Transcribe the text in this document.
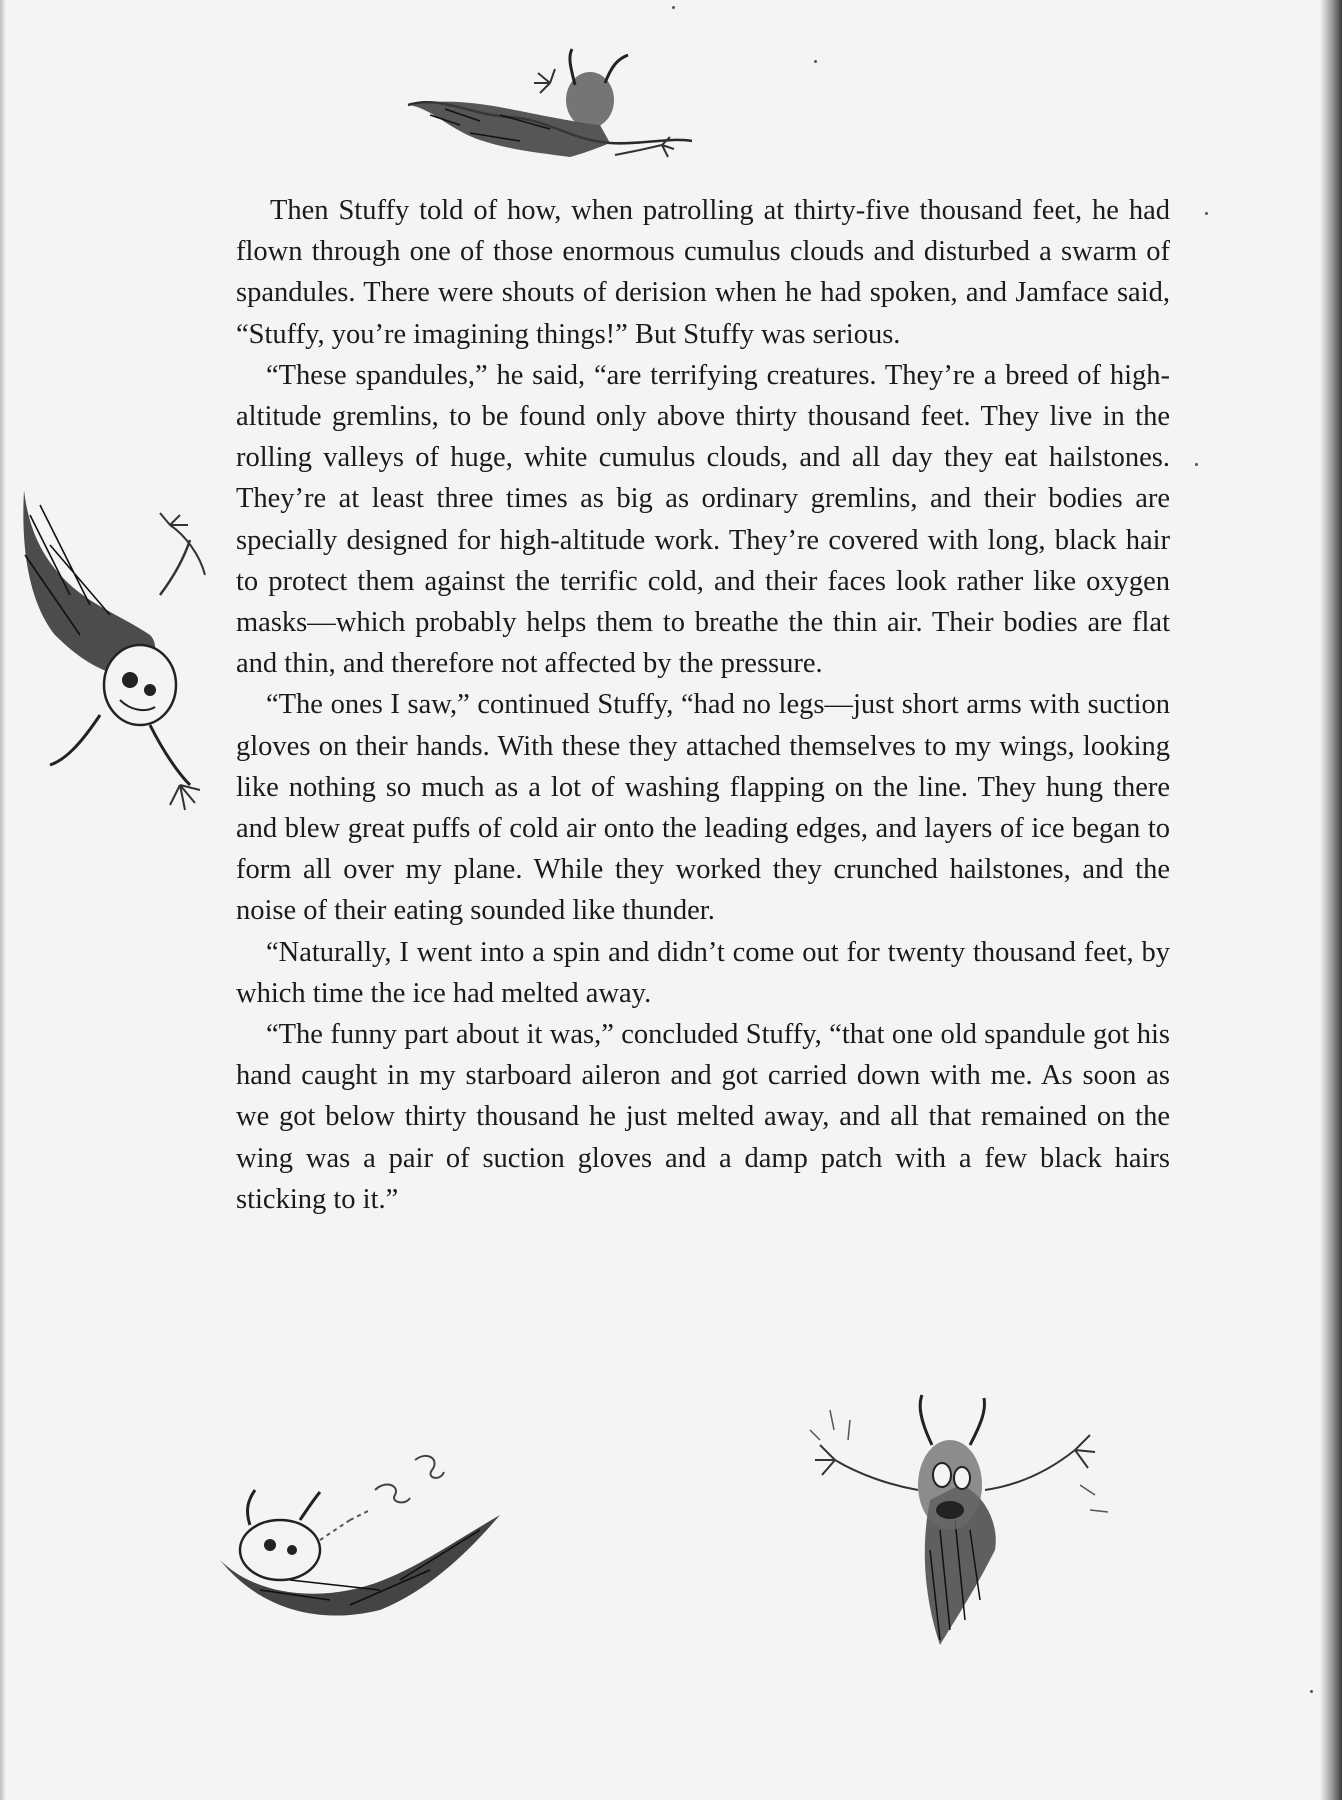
Then Stuffy told of how, when patrolling at thirty-five thousand feet, he had flown through one of those enormous cumulus clouds and disturbed a swarm of spandules. There were shouts of derision when he had spoken, and Jamface said, “Stuffy, you’re imagining things!” But Stuffy was serious.

“These spandules,” he said, “are terrifying creatures. They’re a breed of high-altitude gremlins, to be found only above thirty thousand feet. They live in the rolling valleys of huge, white cumulus clouds, and all day they eat hailstones. They’re at least three times as big as ordinary gremlins, and their bodies are specially designed for high-altitude work. They’re covered with long, black hair to protect them against the terrific cold, and their faces look rather like oxygen masks—which probably helps them to breathe the thin air. Their bodies are flat and thin, and therefore not affected by the pressure.

“The ones I saw,” continued Stuffy, “had no legs—just short arms with suction gloves on their hands. With these they attached themselves to my wings, looking like nothing so much as a lot of washing flapping on the line. They hung there and blew great puffs of cold air onto the leading edges, and layers of ice began to form all over my plane. While they worked they crunched hailstones, and the noise of their eating sounded like thunder.

“Naturally, I went into a spin and didn’t come out for twenty thousand feet, by which time the ice had melted away.

“The funny part about it was,” concluded Stuffy, “that one old spandule got his hand caught in my starboard aileron and got carried down with me. As soon as we got below thirty thousand he just melted away, and all that remained on the wing was a pair of suction gloves and a damp patch with a few black hairs sticking to it.”
